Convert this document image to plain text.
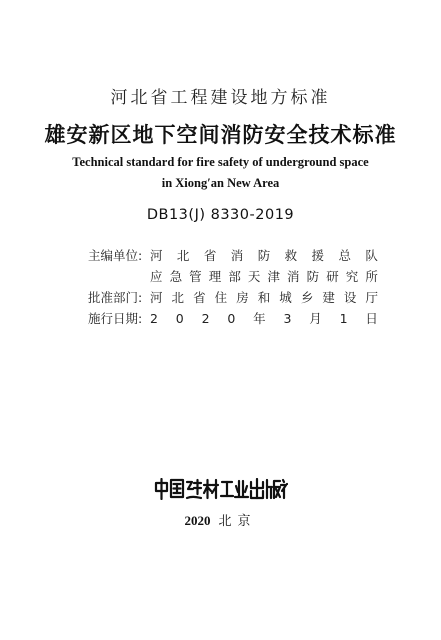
河北省工程建设地方标准
雄安新区地下空间消防安全技术标准
Technical standard for fire safety of underground space
in Xiong′an New Area
DB13(J) 8330-2019
主编单位: 河 北 省 消 防 救 援 总 队
应 急 管 理 部 天 津 消 防 研 究 所
批准部门: 河 北 省 住 房 和 城 乡 建 设 厅
施行日期: 2 0 2 0 年 3 月 1 日
2020 北京
